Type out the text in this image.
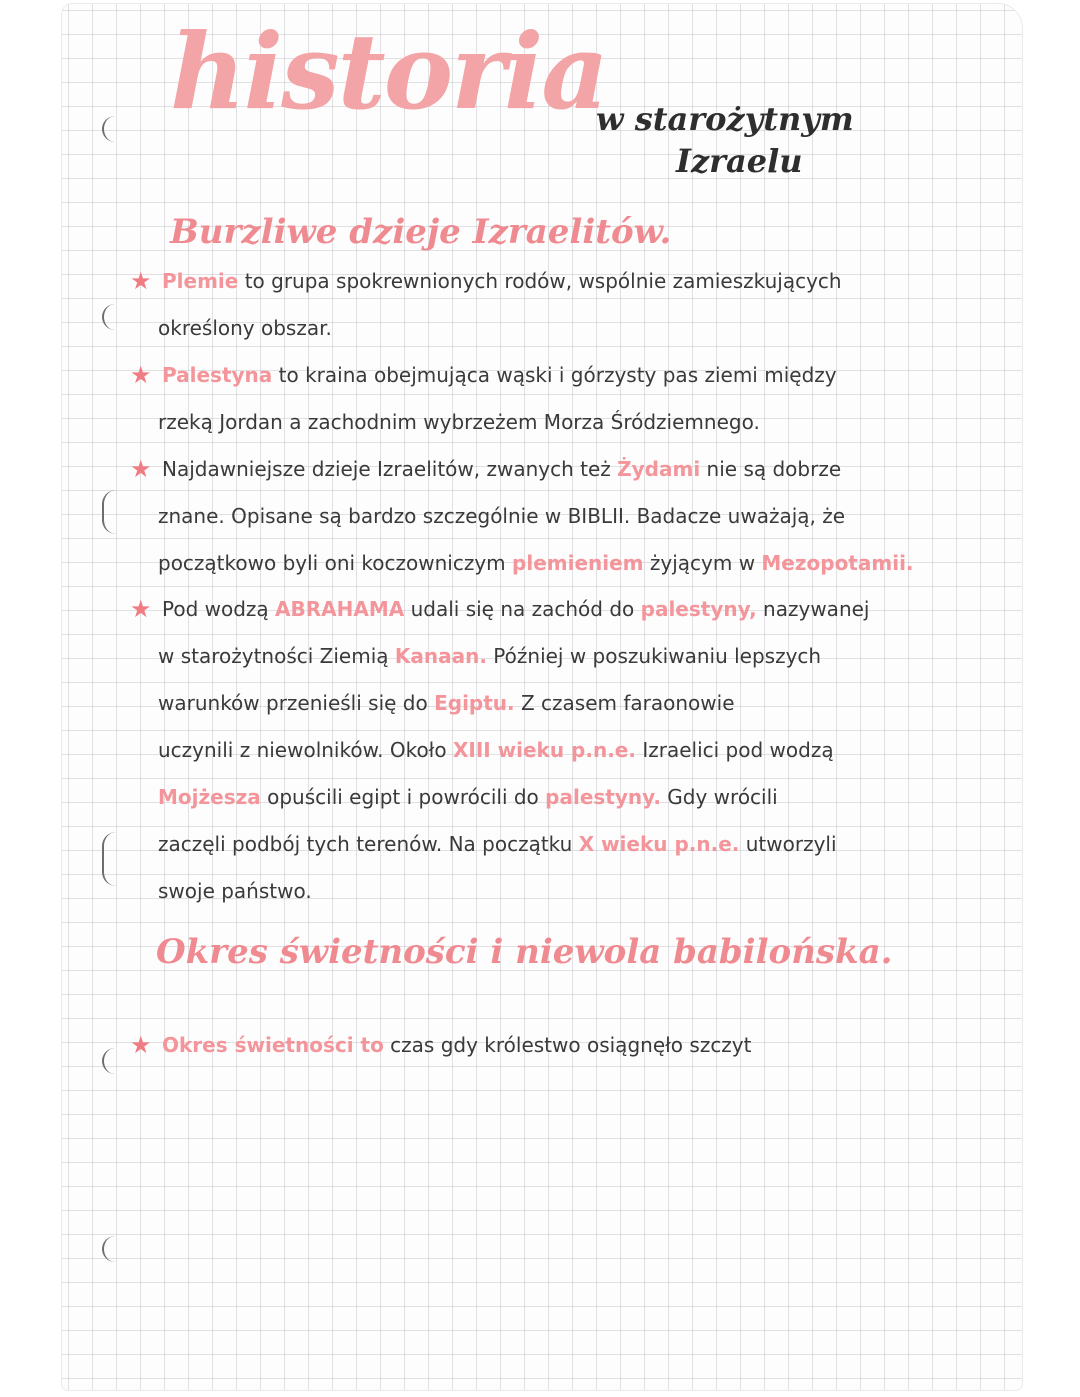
historia
w starożytnym
Izraelu
Burzliwe dzieje Izraelitów.
★ Plemie to grupa spokrewnionych rodów, wspólnie zamieszkujących
określony obszar.
★ Palestyna to kraina obejmująca wąski i górzysty pas ziemi między
rzeką Jordan a zachodnim wybrzeżem Morza Śródziemnego.
★ Najdawniejsze dzieje Izraelitów, zwanych też Żydami nie są dobrze
znane. Opisane są bardzo szczególnie w BIBLII. Badacze uważają, że
początkowo byli oni koczowniczym plemieniem żyjącym w Mezopotamii.
★ Pod wodzą ABRAHAMA udali się na zachód do palestyny, nazywanej
w starożytności Ziemią Kanaan. Później w poszukiwaniu lepszych
warunków przenieśli się do Egiptu. Z czasem faraonowie
uczynili z niewolników. Około XIII wieku p.n.e. Izraelici pod wodzą
Mojżesza opuścili egipt i powrócili do palestyny. Gdy wrócili
zaczęli podbój tych terenów. Na początku X wieku p.n.e. utworzyli
swoje państwo.
Okres świetności i niewola babilońska.
★ Okres świetności to czas gdy królestwo osiągnęło szczyt
